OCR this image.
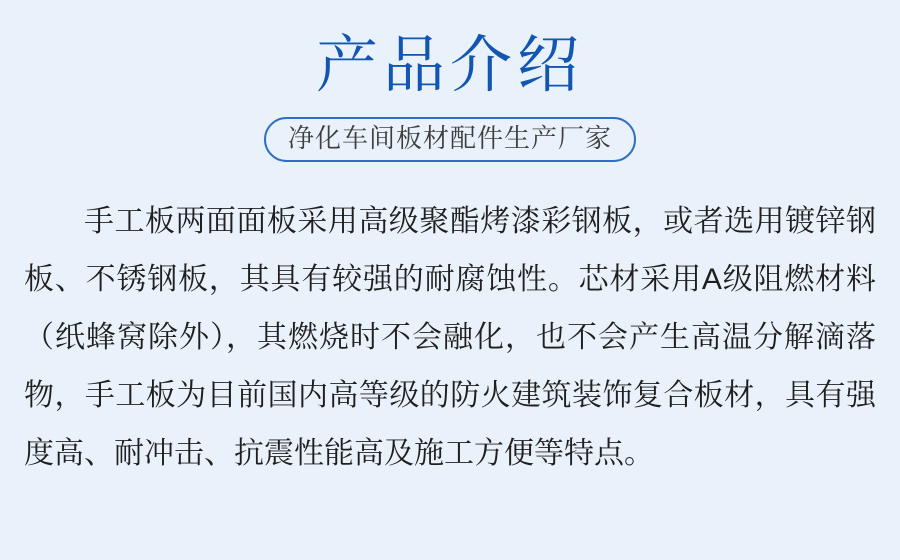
产品介绍
净化车间板材配件生产厂家

手工板两面面板采用高级聚酯烤漆彩钢板，或者选用镀锌钢板、不锈钢板，其具有较强的耐腐蚀性。芯材采用A级阻燃材料（纸蜂窝除外），其燃烧时不会融化，也不会产生高温分解滴落物，手工板为目前国内高等级的防火建筑装饰复合板材，具有强度高、耐冲击、抗震性能高及施工方便等特点。
